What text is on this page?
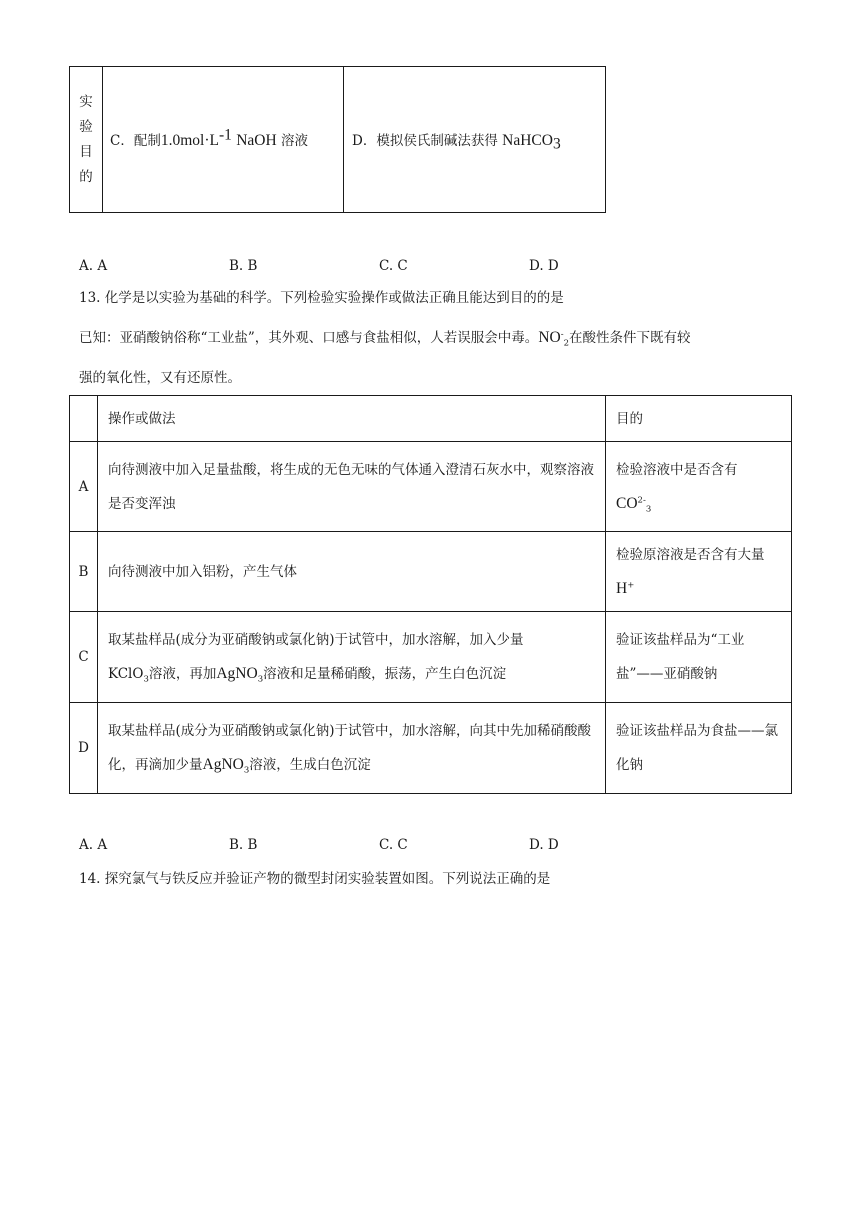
实
验
目
的
	C．配制$1.0mol\cdot L^{-1}$ NaOH 溶液	D．模拟侯氏制碱法获得 NaHCO$_3$
A. A	B. B	C. C	D. D
13. 化学是以实验为基础的科学。下列检验实验操作或做法正确且能达到目的的是
已知：亚硝酸钠俗称“工业盐”，其外观、口感与食盐相似，人若误服会中毒。$NO^-_2$在酸性条件下既有较
强的氧化性，又有还原性。
	操作或做法	目的
A	向待测液中加入足量盐酸，将生成的无色无味的气体通入澄清石灰水中，观察溶液是否变浑浊	检验溶液中是否含有
$CO^{2-}_3$
B	向待测液中加入铝粉，产生气体	检验原溶液是否含有大量
H+
C	取某盐样品(成分为亚硝酸钠或氯化钠)于试管中，加水溶解，加入少量
KClO$_3$溶液，再加AgNO$_3$溶液和足量稀硝酸，振荡，产生白色沉淀	验证该盐样品为“工业盐”——亚硝酸钠
D	取某盐样品(成分为亚硝酸钠或氯化钠)于试管中，加水溶解，向其中先加稀硝酸酸化，再滴加少量AgNO$_3$溶液，生成白色沉淀	验证该盐样品为食盐——氯化钠
A. A	B. B	C. C	D. D
14. 探究氯气与铁反应并验证产物的微型封闭实验装置如图。下列说法正确的是
